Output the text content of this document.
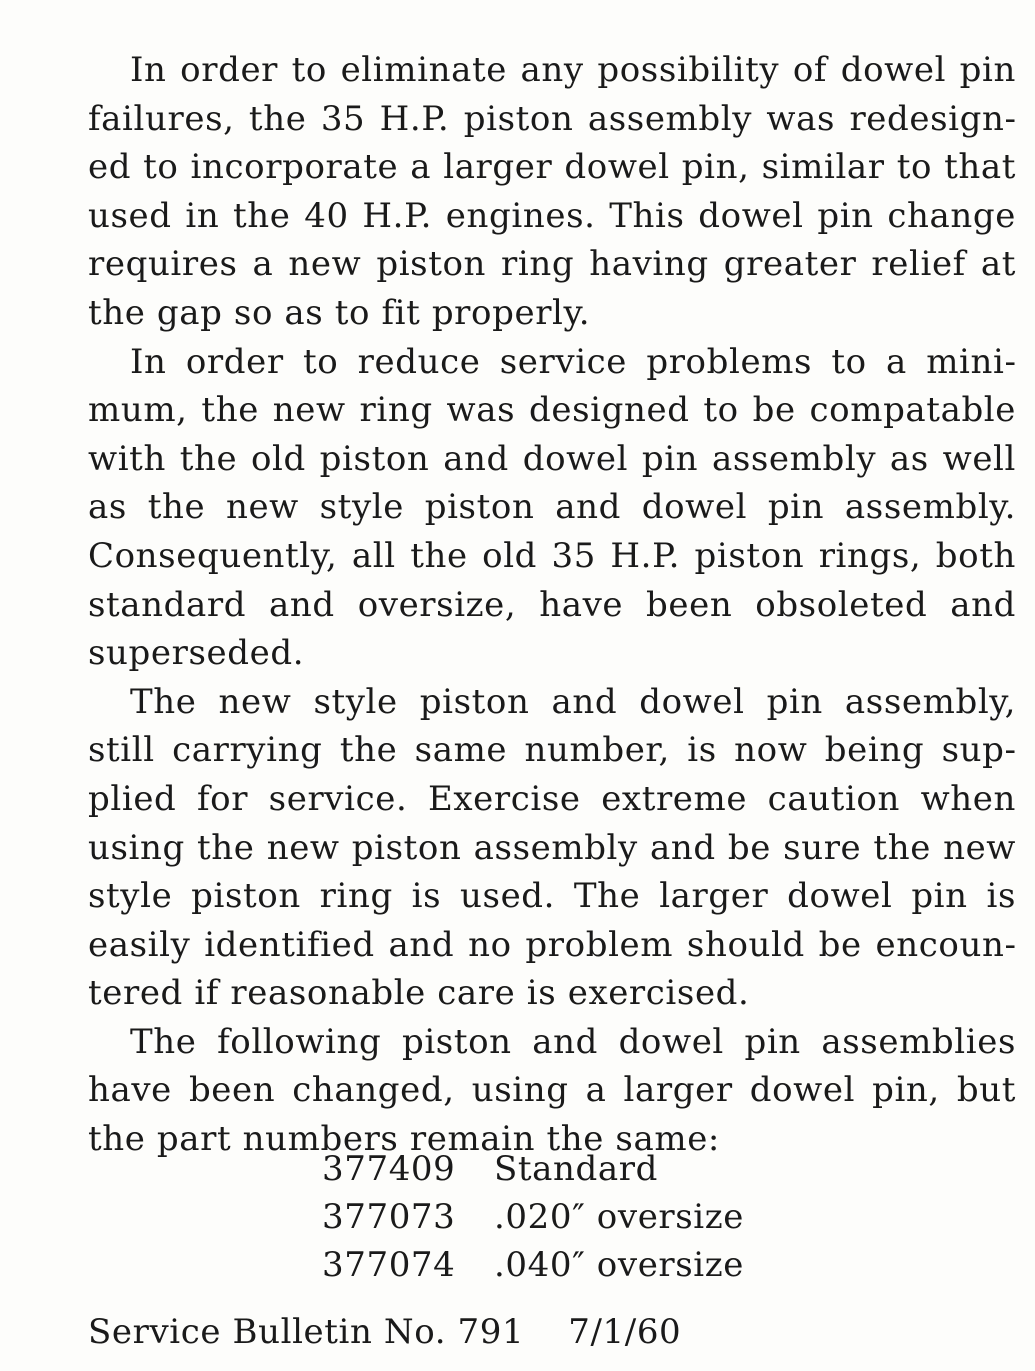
In order to eliminate any possibility of dowel pin failures, the 35 H.P. piston assembly was redesigned to incorporate a larger dowel pin, similar to that used in the 40 H.P. engines. This dowel pin change requires a new piston ring having greater relief at the gap so as to fit properly.

In order to reduce service problems to a minimum, the new ring was designed to be compatable with the old piston and dowel pin assembly as well as the new style piston and dowel pin assembly. Consequently, all the old 35 H.P. piston rings, both standard and oversize, have been obsoleted and superseded.

The new style piston and dowel pin assembly, still carrying the same number, is now being supplied for service. Exercise extreme caution when using the new piston assembly and be sure the new style piston ring is used. The larger dowel pin is easily identified and no problem should be encountered if reasonable care is exercised.

The following piston and dowel pin assemblies have been changed, using a larger dowel pin, but the part numbers remain the same:

377409	Standard
377073	.020″ oversize
377074	.040″ oversize
Service Bulletin No. 791 7/1/60
